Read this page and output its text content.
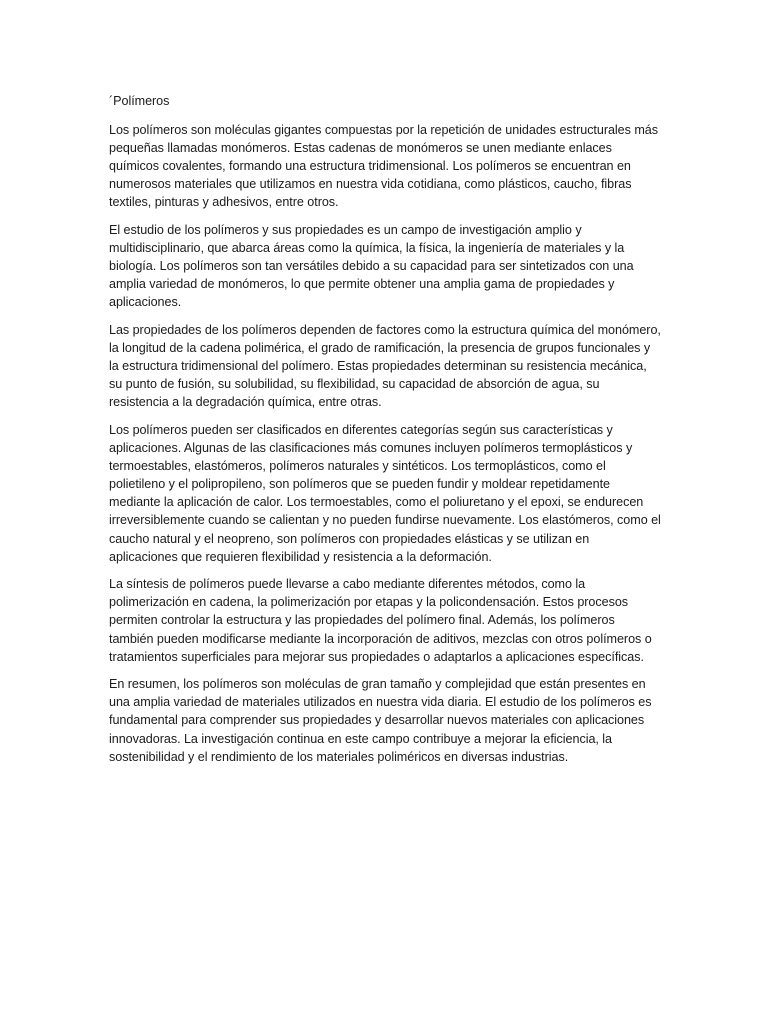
´Polímeros

Los polímeros son moléculas gigantes compuestas por la repetición de unidades estructurales más pequeñas llamadas monómeros. Estas cadenas de monómeros se unen mediante enlaces químicos covalentes, formando una estructura tridimensional. Los polímeros se encuentran en numerosos materiales que utilizamos en nuestra vida cotidiana, como plásticos, caucho, fibras textiles, pinturas y adhesivos, entre otros.

El estudio de los polímeros y sus propiedades es un campo de investigación amplio y multidisciplinario, que abarca áreas como la química, la física, la ingeniería de materiales y la biología. Los polímeros son tan versátiles debido a su capacidad para ser sintetizados con una amplia variedad de monómeros, lo que permite obtener una amplia gama de propiedades y aplicaciones.

Las propiedades de los polímeros dependen de factores como la estructura química del monómero, la longitud de la cadena polimérica, el grado de ramificación, la presencia de grupos funcionales y la estructura tridimensional del polímero. Estas propiedades determinan su resistencia mecánica, su punto de fusión, su solubilidad, su flexibilidad, su capacidad de absorción de agua, su resistencia a la degradación química, entre otras.

Los polímeros pueden ser clasificados en diferentes categorías según sus características y aplicaciones. Algunas de las clasificaciones más comunes incluyen polímeros termoplásticos y termoestables, elastómeros, polímeros naturales y sintéticos. Los termoplásticos, como el polietileno y el polipropileno, son polímeros que se pueden fundir y moldear repetidamente mediante la aplicación de calor. Los termoestables, como el poliuretano y el epoxi, se endurecen irreversiblemente cuando se calientan y no pueden fundirse nuevamente. Los elastómeros, como el caucho natural y el neopreno, son polímeros con propiedades elásticas y se utilizan en aplicaciones que requieren flexibilidad y resistencia a la deformación.

La síntesis de polímeros puede llevarse a cabo mediante diferentes métodos, como la polimerización en cadena, la polimerización por etapas y la policondensación. Estos procesos permiten controlar la estructura y las propiedades del polímero final. Además, los polímeros también pueden modificarse mediante la incorporación de aditivos, mezclas con otros polímeros o tratamientos superficiales para mejorar sus propiedades o adaptarlos a aplicaciones específicas.

En resumen, los polímeros son moléculas de gran tamaño y complejidad que están presentes en una amplia variedad de materiales utilizados en nuestra vida diaria. El estudio de los polímeros es fundamental para comprender sus propiedades y desarrollar nuevos materiales con aplicaciones innovadoras. La investigación continua en este campo contribuye a mejorar la eficiencia, la sostenibilidad y el rendimiento de los materiales poliméricos en diversas industrias.
